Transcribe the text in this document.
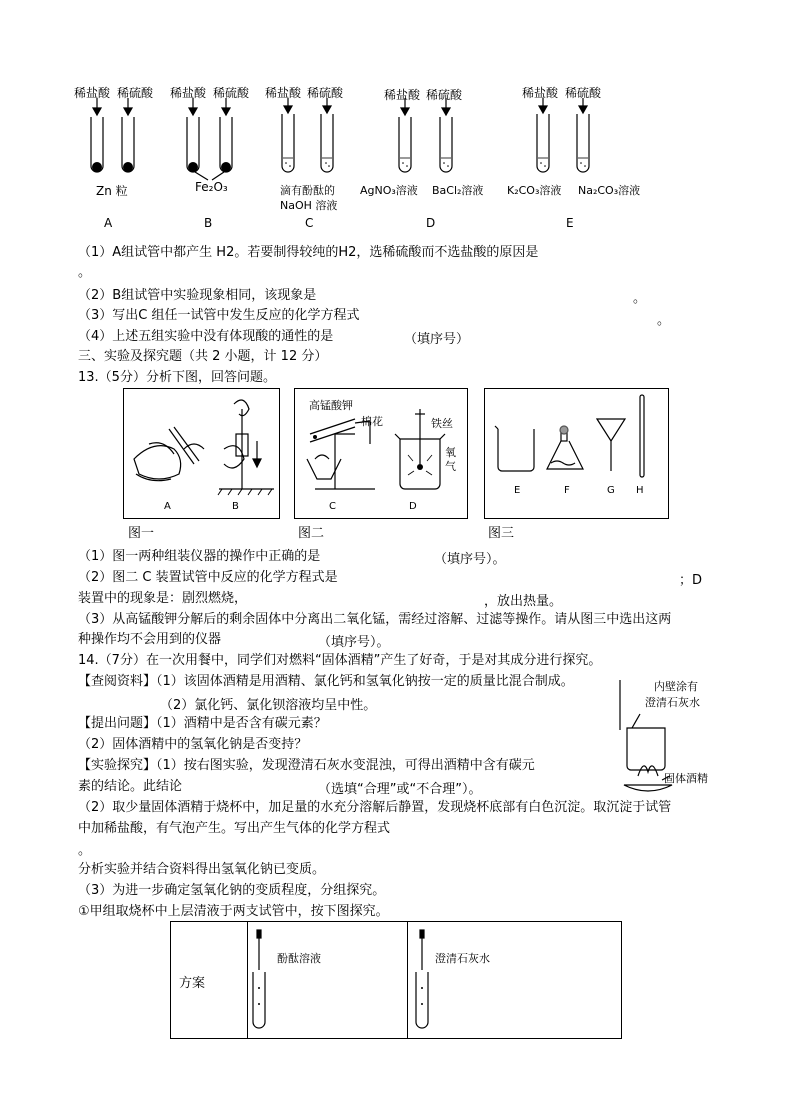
稀盐酸 稀硫酸
Zn 粒
A
稀盐酸 稀硫酸
Fe₂O₃
B
稀盐酸 稀硫酸
滴有酚酞的
NaOH 溶液
C
稀盐酸 稀硫酸
AgNO₃溶液 BaCl₂溶液
D
稀盐酸 稀硫酸
K₂CO₃溶液 Na₂CO₃溶液
E
（1）A组试管中都产生 H2。若要制得较纯的H2，选稀硫酸而不选盐酸的原因是
。
（2）B组试管中实验现象相同，该现象是	。
（3）写出C 组任一试管中发生反应的化学方程式	。
（4）上述五组实验中没有体现酸的通性的是	（填序号）
三、实验及探究题（共 2 小题，计 12 分）
13.（5分）分析下图，回答问题。
A	B
图一
高锰酸钾
棉花	铁丝
氧
气
C	D
图二
E	F	G H
图三
（1）图一两种组装仪器的操作中正确的是	（填序号）。
（2）图二 C 装置试管中反应的化学方程式是	；D
装置中的现象是：剧烈燃烧，	，放出热量。
（3）从高锰酸钾分解后的剩余固体中分离出二氧化锰，需经过溶解、过滤等操作。请从图三中选出这两
种操作均不会用到的仪器	（填序号）。
14.（7分）在一次用餐中，同学们对燃料“固体酒精”产生了好奇，于是对其成分进行探究。
【查阅资料】（1）该固体酒精是用酒精、氯化钙和氢氧化钠按一定的质量比混合制成。
（2）氯化钙、氯化钡溶液均呈中性。
【提出问题】（1）酒精中是否含有碳元素？
（2）固体酒精中的氢氧化钠是否变持？
【实验探究】（1）按右图实验，发现澄清石灰水变混浊，可得出酒精中含有碳元
素的结论。此结论	（选填“合理”或“不合理”）。
（2）取少量固体酒精于烧杯中，加足量的水充分溶解后静置，发现烧杯底部有白色沉淀。取沉淀于试管
中加稀盐酸，有气泡产生。写出产生气体的化学方程式
。
分析实验并结合资料得出氢氧化钠已变质。
（3）为进一步确定氢氧化钠的变质程度，分组探究。
①甲组取烧杯中上层清液于两支试管中，按下图探究。
内壁涂有
澄清石灰水
固体酒精
方案
酚酞溶液	澄清石灰水
